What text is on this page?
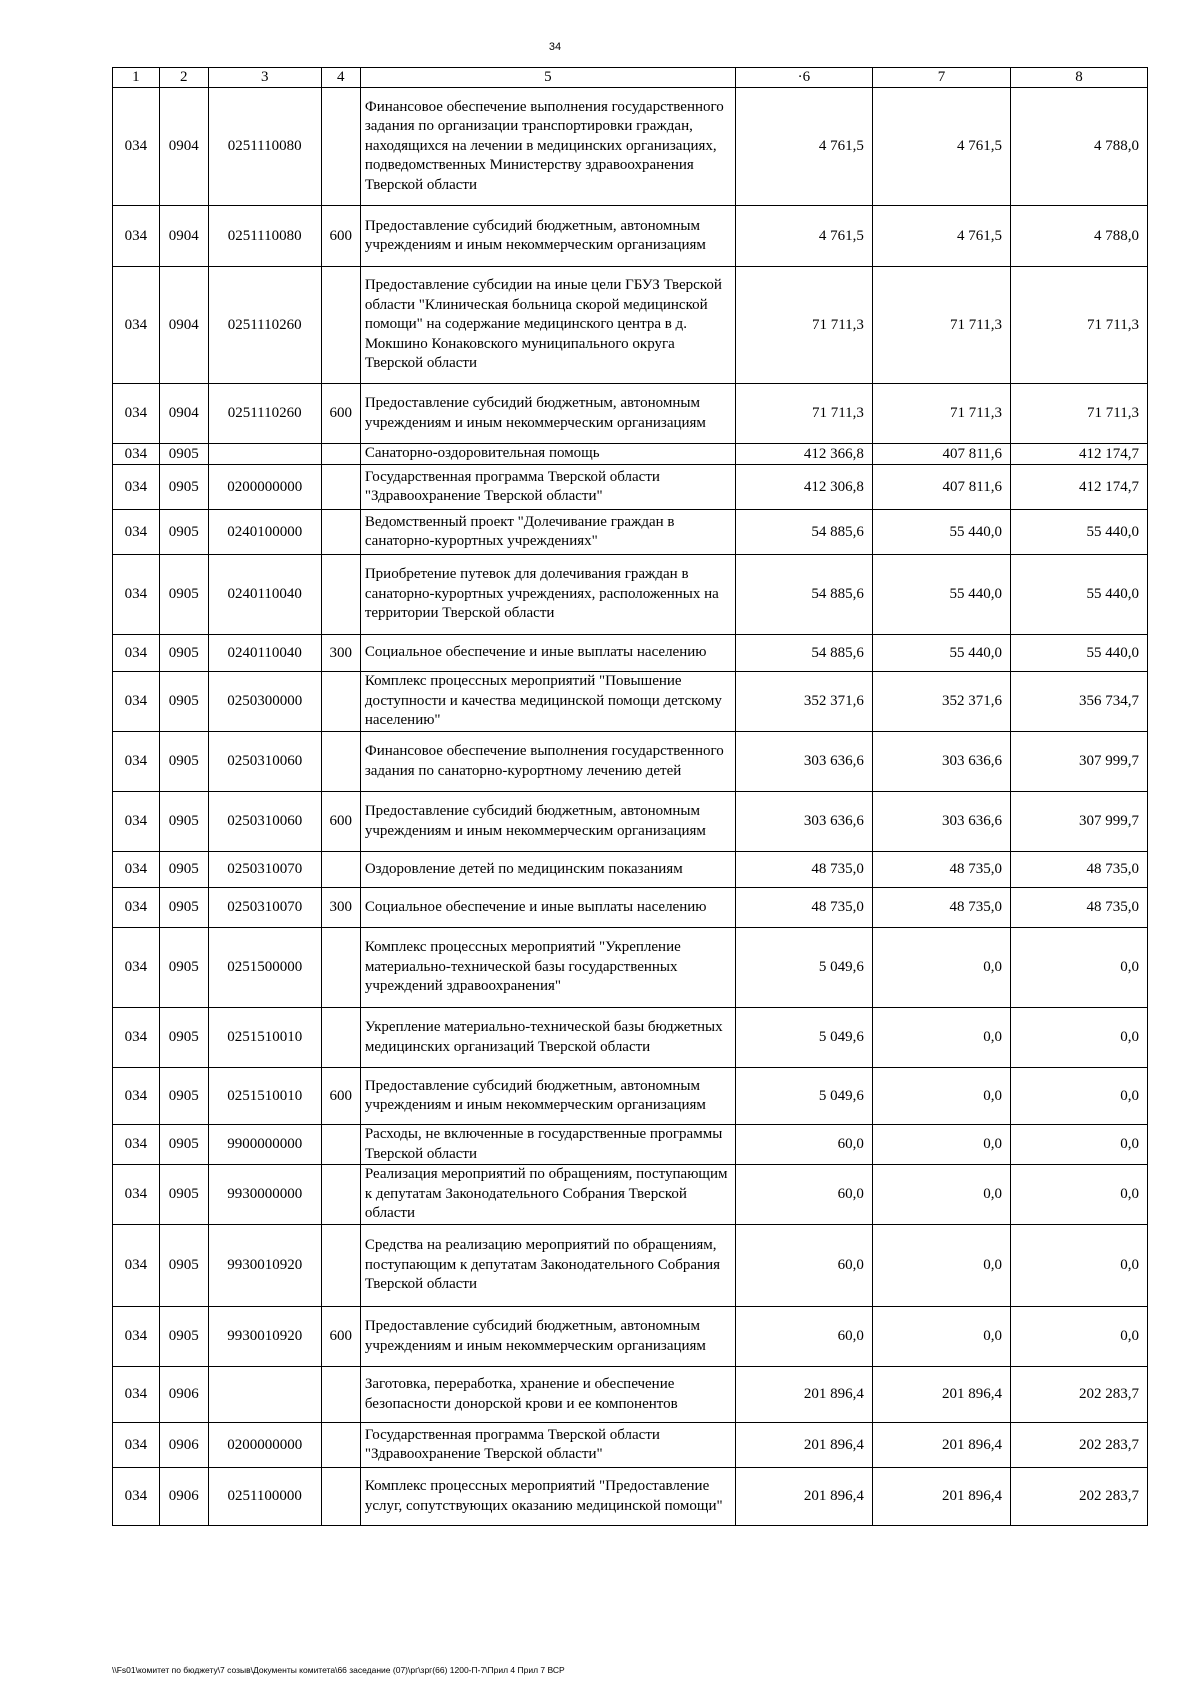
34
1	2	3	4	5	·6	7	8
034	0904	0251110080		Финансовое обеспечение выполнения государственного задания по организации транспортировки граждан, находящихся на лечении в медицинских организациях, подведомственных Министерству здравоохранения Тверской области	4 761,5	4 761,5	4 788,0
034	0904	0251110080	600	Предоставление субсидий бюджетным, автономным учреждениям и иным некоммерческим организациям	4 761,5	4 761,5	4 788,0
034	0904	0251110260		Предоставление субсидии на иные цели ГБУЗ Тверской области "Клиническая больница скорой медицинской помощи" на содержание медицинского центра в д. Мокшино Конаковского муниципального округа Тверской области	71 711,3	71 711,3	71 711,3
034	0904	0251110260	600	Предоставление субсидий бюджетным, автономным учреждениям и иным некоммерческим организациям	71 711,3	71 711,3	71 711,3
034	0905			Санаторно-оздоровительная помощь	412 366,8	407 811,6	412 174,7
034	0905	0200000000		Государственная программа Тверской области "Здравоохранение Тверской области"	412 306,8	407 811,6	412 174,7
034	0905	0240100000		Ведомственный проект "Долечивание граждан в санаторно-курортных учреждениях"	54 885,6	55 440,0	55 440,0
034	0905	0240110040		Приобретение путевок для долечивания граждан в санаторно-курортных учреждениях, расположенных на территории Тверской области	54 885,6	55 440,0	55 440,0
034	0905	0240110040	300	Социальное обеспечение и иные выплаты населению	54 885,6	55 440,0	55 440,0
034	0905	0250300000		Комплекс процессных мероприятий "Повышение доступности и качества медицинской помощи детскому населению"	352 371,6	352 371,6	356 734,7
034	0905	0250310060		Финансовое обеспечение выполнения государственного задания по санаторно-курортному лечению детей	303 636,6	303 636,6	307 999,7
034	0905	0250310060	600	Предоставление субсидий бюджетным, автономным учреждениям и иным некоммерческим организациям	303 636,6	303 636,6	307 999,7
034	0905	0250310070		Оздоровление детей по медицинским показаниям	48 735,0	48 735,0	48 735,0
034	0905	0250310070	300	Социальное обеспечение и иные выплаты населению	48 735,0	48 735,0	48 735,0
034	0905	0251500000		Комплекс процессных мероприятий "Укрепление материально-технической базы государственных учреждений здравоохранения"	5 049,6	0,0	0,0
034	0905	0251510010		Укрепление материально-технической базы бюджетных медицинских организаций Тверской области	5 049,6	0,0	0,0
034	0905	0251510010	600	Предоставление субсидий бюджетным, автономным учреждениям и иным некоммерческим организациям	5 049,6	0,0	0,0
034	0905	9900000000		Расходы, не включенные в государственные программы Тверской области	60,0	0,0	0,0
034	0905	9930000000		Реализация мероприятий по обращениям, поступающим к депутатам Законодательного Собрания Тверской области	60,0	0,0	0,0
034	0905	9930010920		Средства на реализацию мероприятий по обращениям, поступающим к депутатам Законодательного Собрания Тверской области	60,0	0,0	0,0
034	0905	9930010920	600	Предоставление субсидий бюджетным, автономным учреждениям и иным некоммерческим организациям	60,0	0,0	0,0
034	0906			Заготовка, переработка, хранение и обеспечение безопасности донорской крови и ее компонентов	201 896,4	201 896,4	202 283,7
034	0906	0200000000		Государственная программа Тверской области "Здравоохранение Тверской области"	201 896,4	201 896,4	202 283,7
034	0906	0251100000		Комплекс процессных мероприятий "Предоставление услуг, сопутствующих оказанию медицинской помощи"	201 896,4	201 896,4	202 283,7
\\Fs01\комитет по бюджету\7 созыв\Документы комитета\66 заседание (07)\рг\зрг(66) 1200-П-7\Прил 4 Прил 7 ВСР
